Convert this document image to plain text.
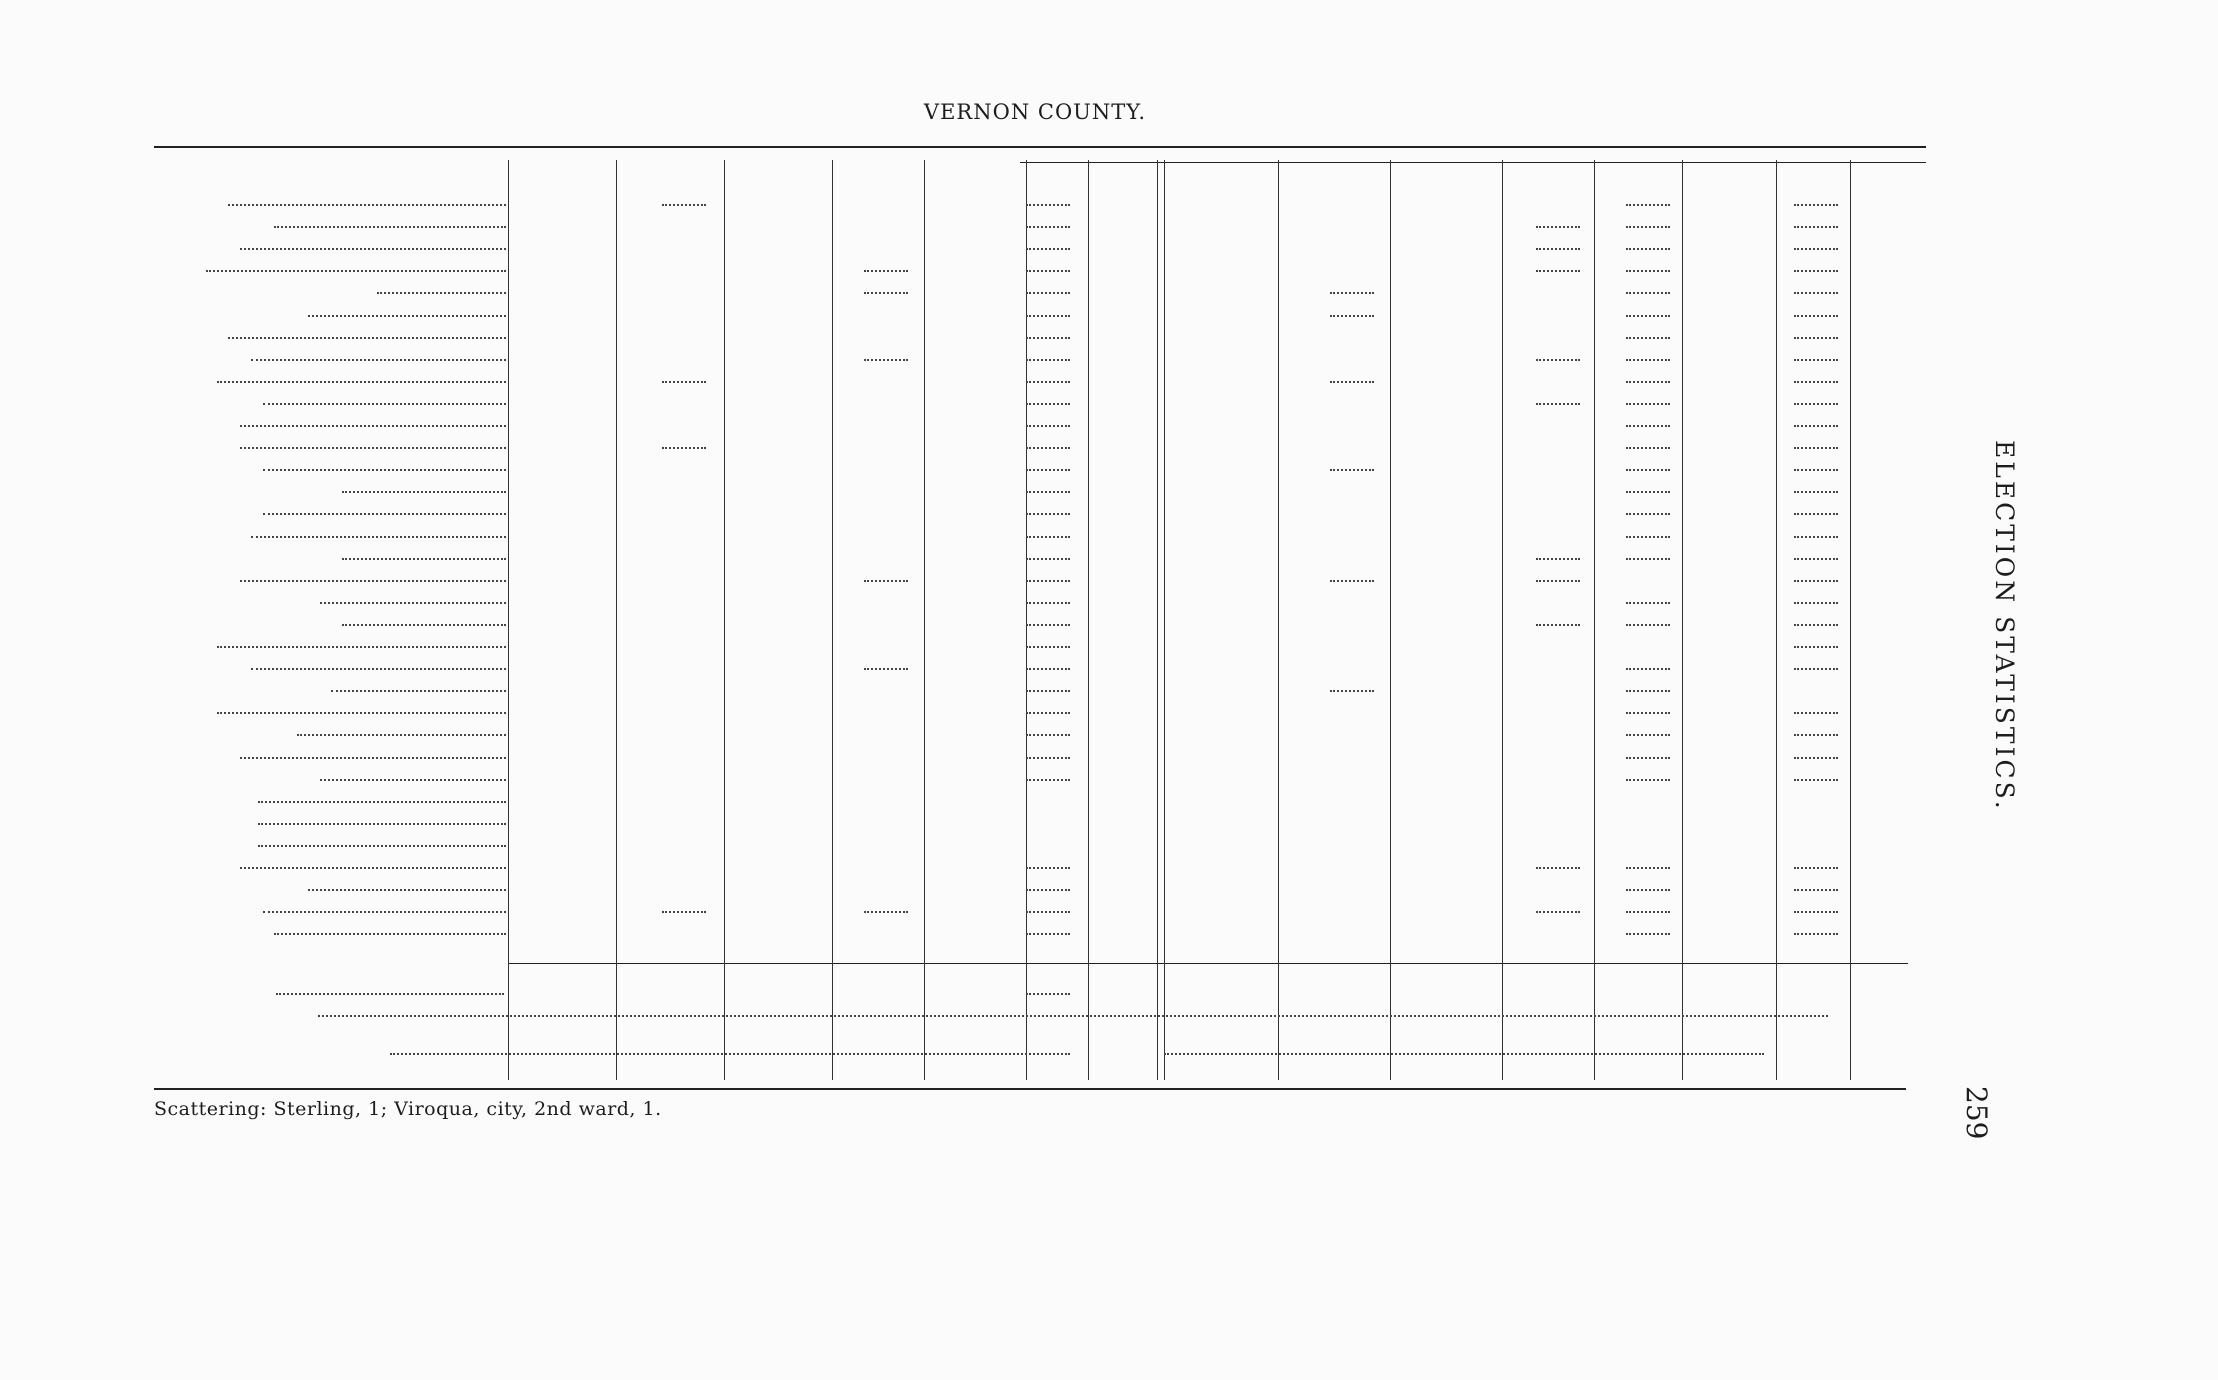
VERNON COUNTY.
ELECTION STATISTICS.
259
Scattering: Sterling, 1; Viroqua, city, 2nd ward, 1.
